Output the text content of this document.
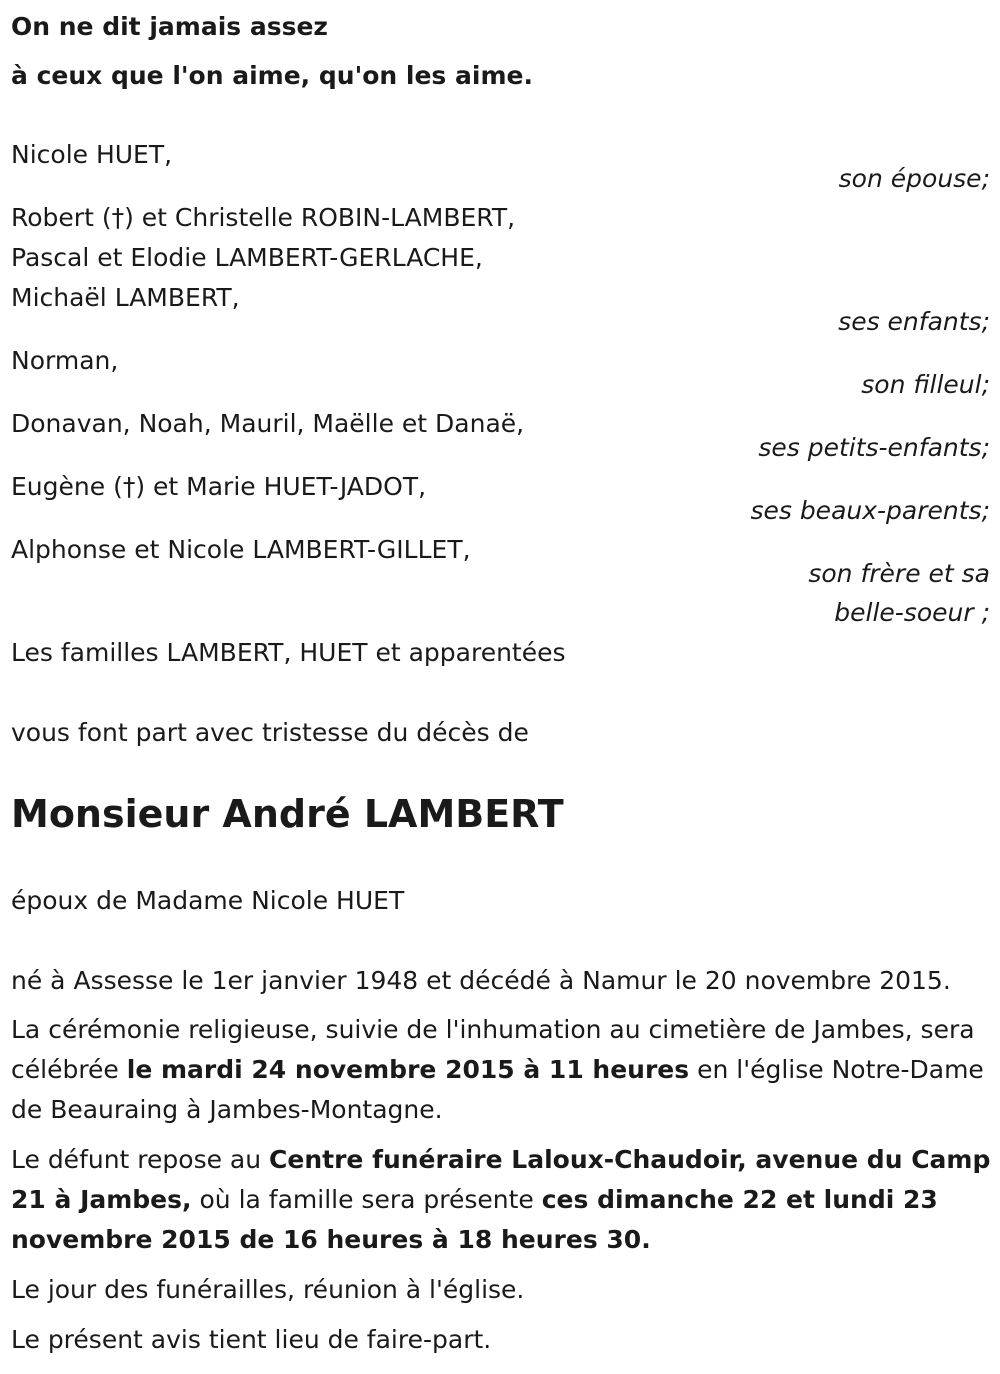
On ne dit jamais assez
à ceux que l'on aime, qu'on les aime.
Nicole HUET,
son épouse;
Robert (†) et Christelle ROBIN-LAMBERT,
Pascal et Elodie LAMBERT-GERLACHE,
Michaël LAMBERT,
ses enfants;
Norman,
son filleul;
Donavan, Noah, Mauril, Maëlle et Danaë,
ses petits-enfants;
Eugène (†) et Marie HUET-JADOT,
ses beaux-parents;
Alphonse et Nicole LAMBERT-GILLET,
son frère et sa
belle-soeur ;
Les familles LAMBERT, HUET et apparentées
vous font part avec tristesse du décès de
Monsieur André LAMBERT
époux de Madame Nicole HUET
né à Assesse le 1er janvier 1948 et décédé à Namur le 20 novembre 2015.
La cérémonie religieuse, suivie de l'inhumation au cimetière de Jambes, sera célébrée le mardi 24 novembre 2015 à 11 heures en l'église Notre-Dame de Beauraing à Jambes-Montagne.
Le défunt repose au Centre funéraire Laloux-Chaudoir, avenue du Camp 21 à Jambes, où la famille sera présente ces dimanche 22 et lundi 23 novembre 2015 de 16 heures à 18 heures 30.
Le jour des funérailles, réunion à l'église.
Le présent avis tient lieu de faire-part.
